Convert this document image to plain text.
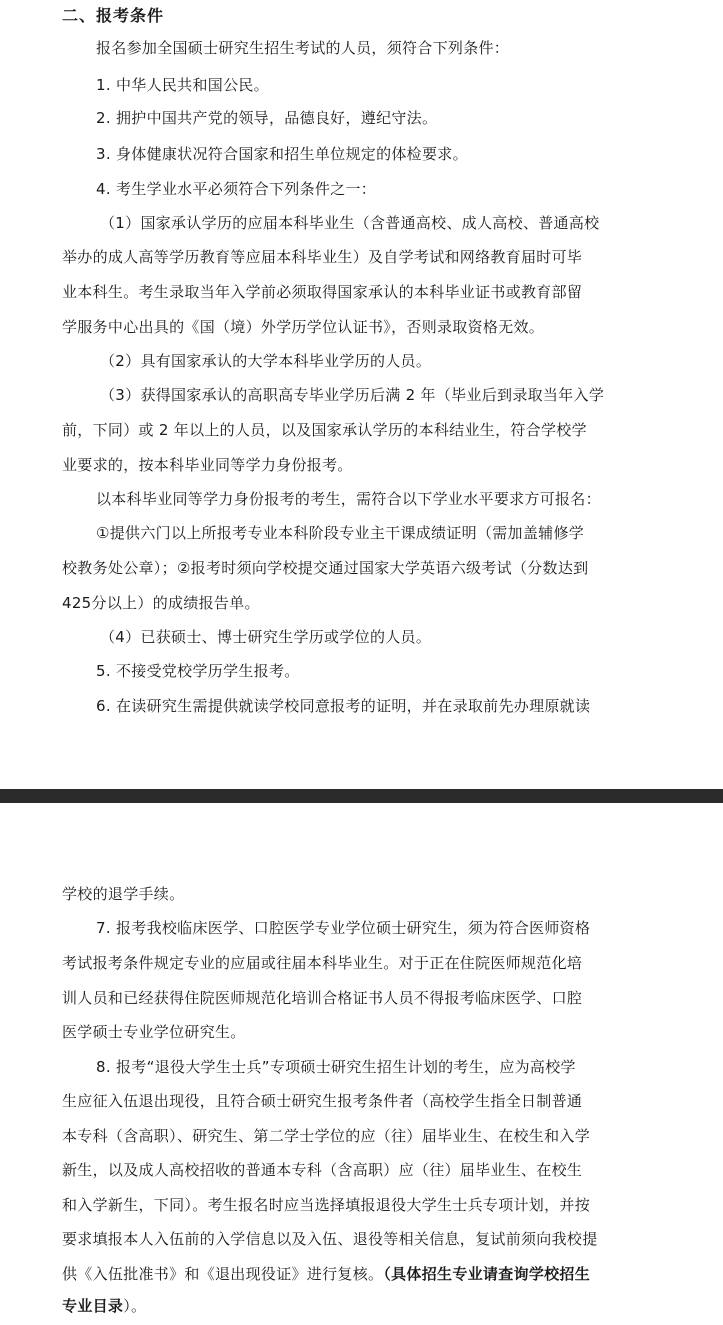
二、报考条件
报名参加全国硕士研究生招生考试的人员，须符合下列条件：
1. 中华人民共和国公民。
2. 拥护中国共产党的领导，品德良好，遵纪守法。
3. 身体健康状况符合国家和招生单位规定的体检要求。
4. 考生学业水平必须符合下列条件之一：
（1）国家承认学历的应届本科毕业生（含普通高校、成人高校、普通高校
举办的成人高等学历教育等应届本科毕业生）及自学考试和网络教育届时可毕
业本科生。考生录取当年入学前必须取得国家承认的本科毕业证书或教育部留
学服务中心出具的《国（境）外学历学位认证书》，否则录取资格无效。
（2）具有国家承认的大学本科毕业学历的人员。
（3）获得国家承认的高职高专毕业学历后满 2 年（毕业后到录取当年入学
前，下同）或 2 年以上的人员，以及国家承认学历的本科结业生，符合学校学
业要求的，按本科毕业同等学力身份报考。
以本科毕业同等学力身份报考的考生，需符合以下学业水平要求方可报名：
①提供六门以上所报考专业本科阶段专业主干课成绩证明（需加盖辅修学
校教务处公章）；②报考时须向学校提交通过国家大学英语六级考试（分数达到
425分以上）的成绩报告单。
（4）已获硕士、博士研究生学历或学位的人员。
5. 不接受党校学历学生报考。
6. 在读研究生需提供就读学校同意报考的证明，并在录取前先办理原就读
学校的退学手续。
7. 报考我校临床医学、口腔医学专业学位硕士研究生，须为符合医师资格
考试报考条件规定专业的应届或往届本科毕业生。对于正在住院医师规范化培
训人员和已经获得住院医师规范化培训合格证书人员不得报考临床医学、口腔
医学硕士专业学位研究生。
8. 报考“退役大学生士兵”专项硕士研究生招生计划的考生，应为高校学
生应征入伍退出现役，且符合硕士研究生报考条件者（高校学生指全日制普通
本专科（含高职）、研究生、第二学士学位的应（往）届毕业生、在校生和入学
新生，以及成人高校招收的普通本专科（含高职）应（往）届毕业生、在校生
和入学新生，下同）。考生报名时应当选择填报退役大学生士兵专项计划，并按
要求填报本人入伍前的入学信息以及入伍、退役等相关信息，复试前须向我校提
供《入伍批准书》和《退出现役证》进行复核。（具体招生专业请查询学校招生
专业目录）。
